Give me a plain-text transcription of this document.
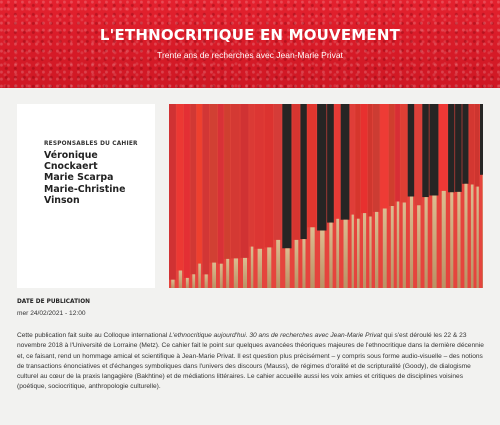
L'ETHNOCRITIQUE EN MOUVEMENT

Trente ans de recherches avec Jean-Marie Privat

RESPONSABLES DU CAHIER
Véronique
Cnockaert
Marie Scarpa
Marie-Christine
Vinson
DATE DE PUBLICATION

mer 24/02/2021 - 12:00

Cette publication fait suite au Colloque international L'ethnocritique aujourd'hui. 30 ans de recherches avec Jean-Marie Privat qui s'est déroulé les 22 & 23 novembre 2018 à l'Université de Lorraine (Metz). Ce cahier fait le point sur quelques avancées théoriques majeures de l'ethnocritique dans la dernière décennie et, ce faisant, rend un hommage amical et scientifique à Jean-Marie Privat. Il est question plus précisément – y compris sous forme audio-visuelle – des notions de transactions énonciatives et d'échanges symboliques dans l'univers des discours (Mauss), de régimes d'oralité et de scripturalité (Goody), de dialogisme culturel au cœur de la praxis langagière (Bakhtine) et de médiations littéraires. Le cahier accueille aussi les voix amies et critiques de disciplines voisines (poétique, sociocritique, anthropologie culturelle).
